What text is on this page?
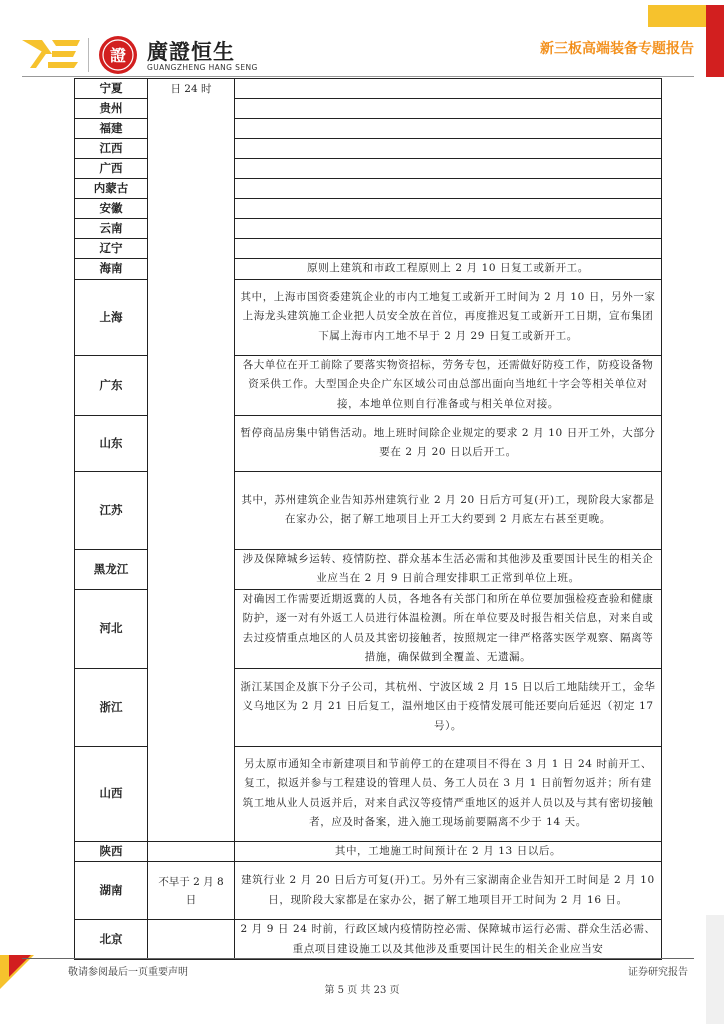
證 廣證恒生
GUANGZHENG HANG SENG
新三板高端装备专题报告
宁夏	日 24 时	
贵州		
福建		
江西		
广西		
内蒙古		
安徽		
云南		
辽宁		
海南		原则上建筑和市政工程原则上 2 月 10 日复工或新开工。
上海		其中，上海市国资委建筑企业的市内工地复工或新开工时间为 2 月 10 日，另外一家上海龙头建筑施工企业把人员安全放在首位，再度推迟复工或新开工日期，宣布集团下属上海市内工地不早于 2 月 29 日复工或新开工。
广东		各大单位在开工前除了要落实物资招标，劳务专包，还需做好防疫工作，防疫设备物资采供工作。大型国企央企广东区域公司由总部出面向当地红十字会等相关单位对接，本地单位则自行准备或与相关单位对接。
山东		暂停商品房集中销售活动。地上班时间除企业规定的要求 2 月 10 日开工外，大部分要在 2 月 20 日以后开工。
江苏		其中，苏州建筑企业告知苏州建筑行业 2 月 20 日后方可复(开)工，现阶段大家都是在家办公，据了解工地项目上开工大约要到 2 月底左右甚至更晚。
黑龙江		涉及保障城乡运转、疫情防控、群众基本生活必需和其他涉及重要国计民生的相关企业应当在 2 月 9 日前合理安排职工正常到单位上班。
河北		对确因工作需要近期返冀的人员，各地各有关部门和所在单位要加强检疫查验和健康防护，逐一对有外返工人员进行体温检测。所在单位要及时报告相关信息，对来自或去过疫情重点地区的人员及其密切接触者，按照规定一律严格落实医学观察、隔离等措施，确保做到全覆盖、无遗漏。
浙江		浙江某国企及旗下分子公司，其杭州、宁波区域 2 月 15 日以后工地陆续开工，金华义乌地区为 2 月 21 日后复工，温州地区由于疫情发展可能还要向后延迟（初定 17 号）。
山西		另太原市通知全市新建项目和节前停工的在建项目不得在 3 月 1 日 24 时前开工、复工，拟返并参与工程建设的管理人员、务工人员在 3 月 1 日前暂勿返并；所有建筑工地从业人员返并后，对来自武汉等疫情严重地区的返并人员以及与其有密切接触者，应及时备案，进入施工现场前要隔离不少于 14 天。
陕西		其中，工地施工时间预计在 2 月 13 日以后。
湖南	不早于 2 月 8 日	建筑行业 2 月 20 日后方可复(开)工。另外有三家湖南企业告知开工时间是 2 月 10 日，现阶段大家都是在家办公，据了解工地项目开工时间为 2 月 16 日。
北京		2 月 9 日 24 时前，行政区域内疫情防控必需、保障城市运行必需、群众生活必需、重点项目建设施工以及其他涉及重要国计民生的相关企业应当安
敬请参阅最后一页重要声明	证券研究报告
第 5 页 共 23 页
